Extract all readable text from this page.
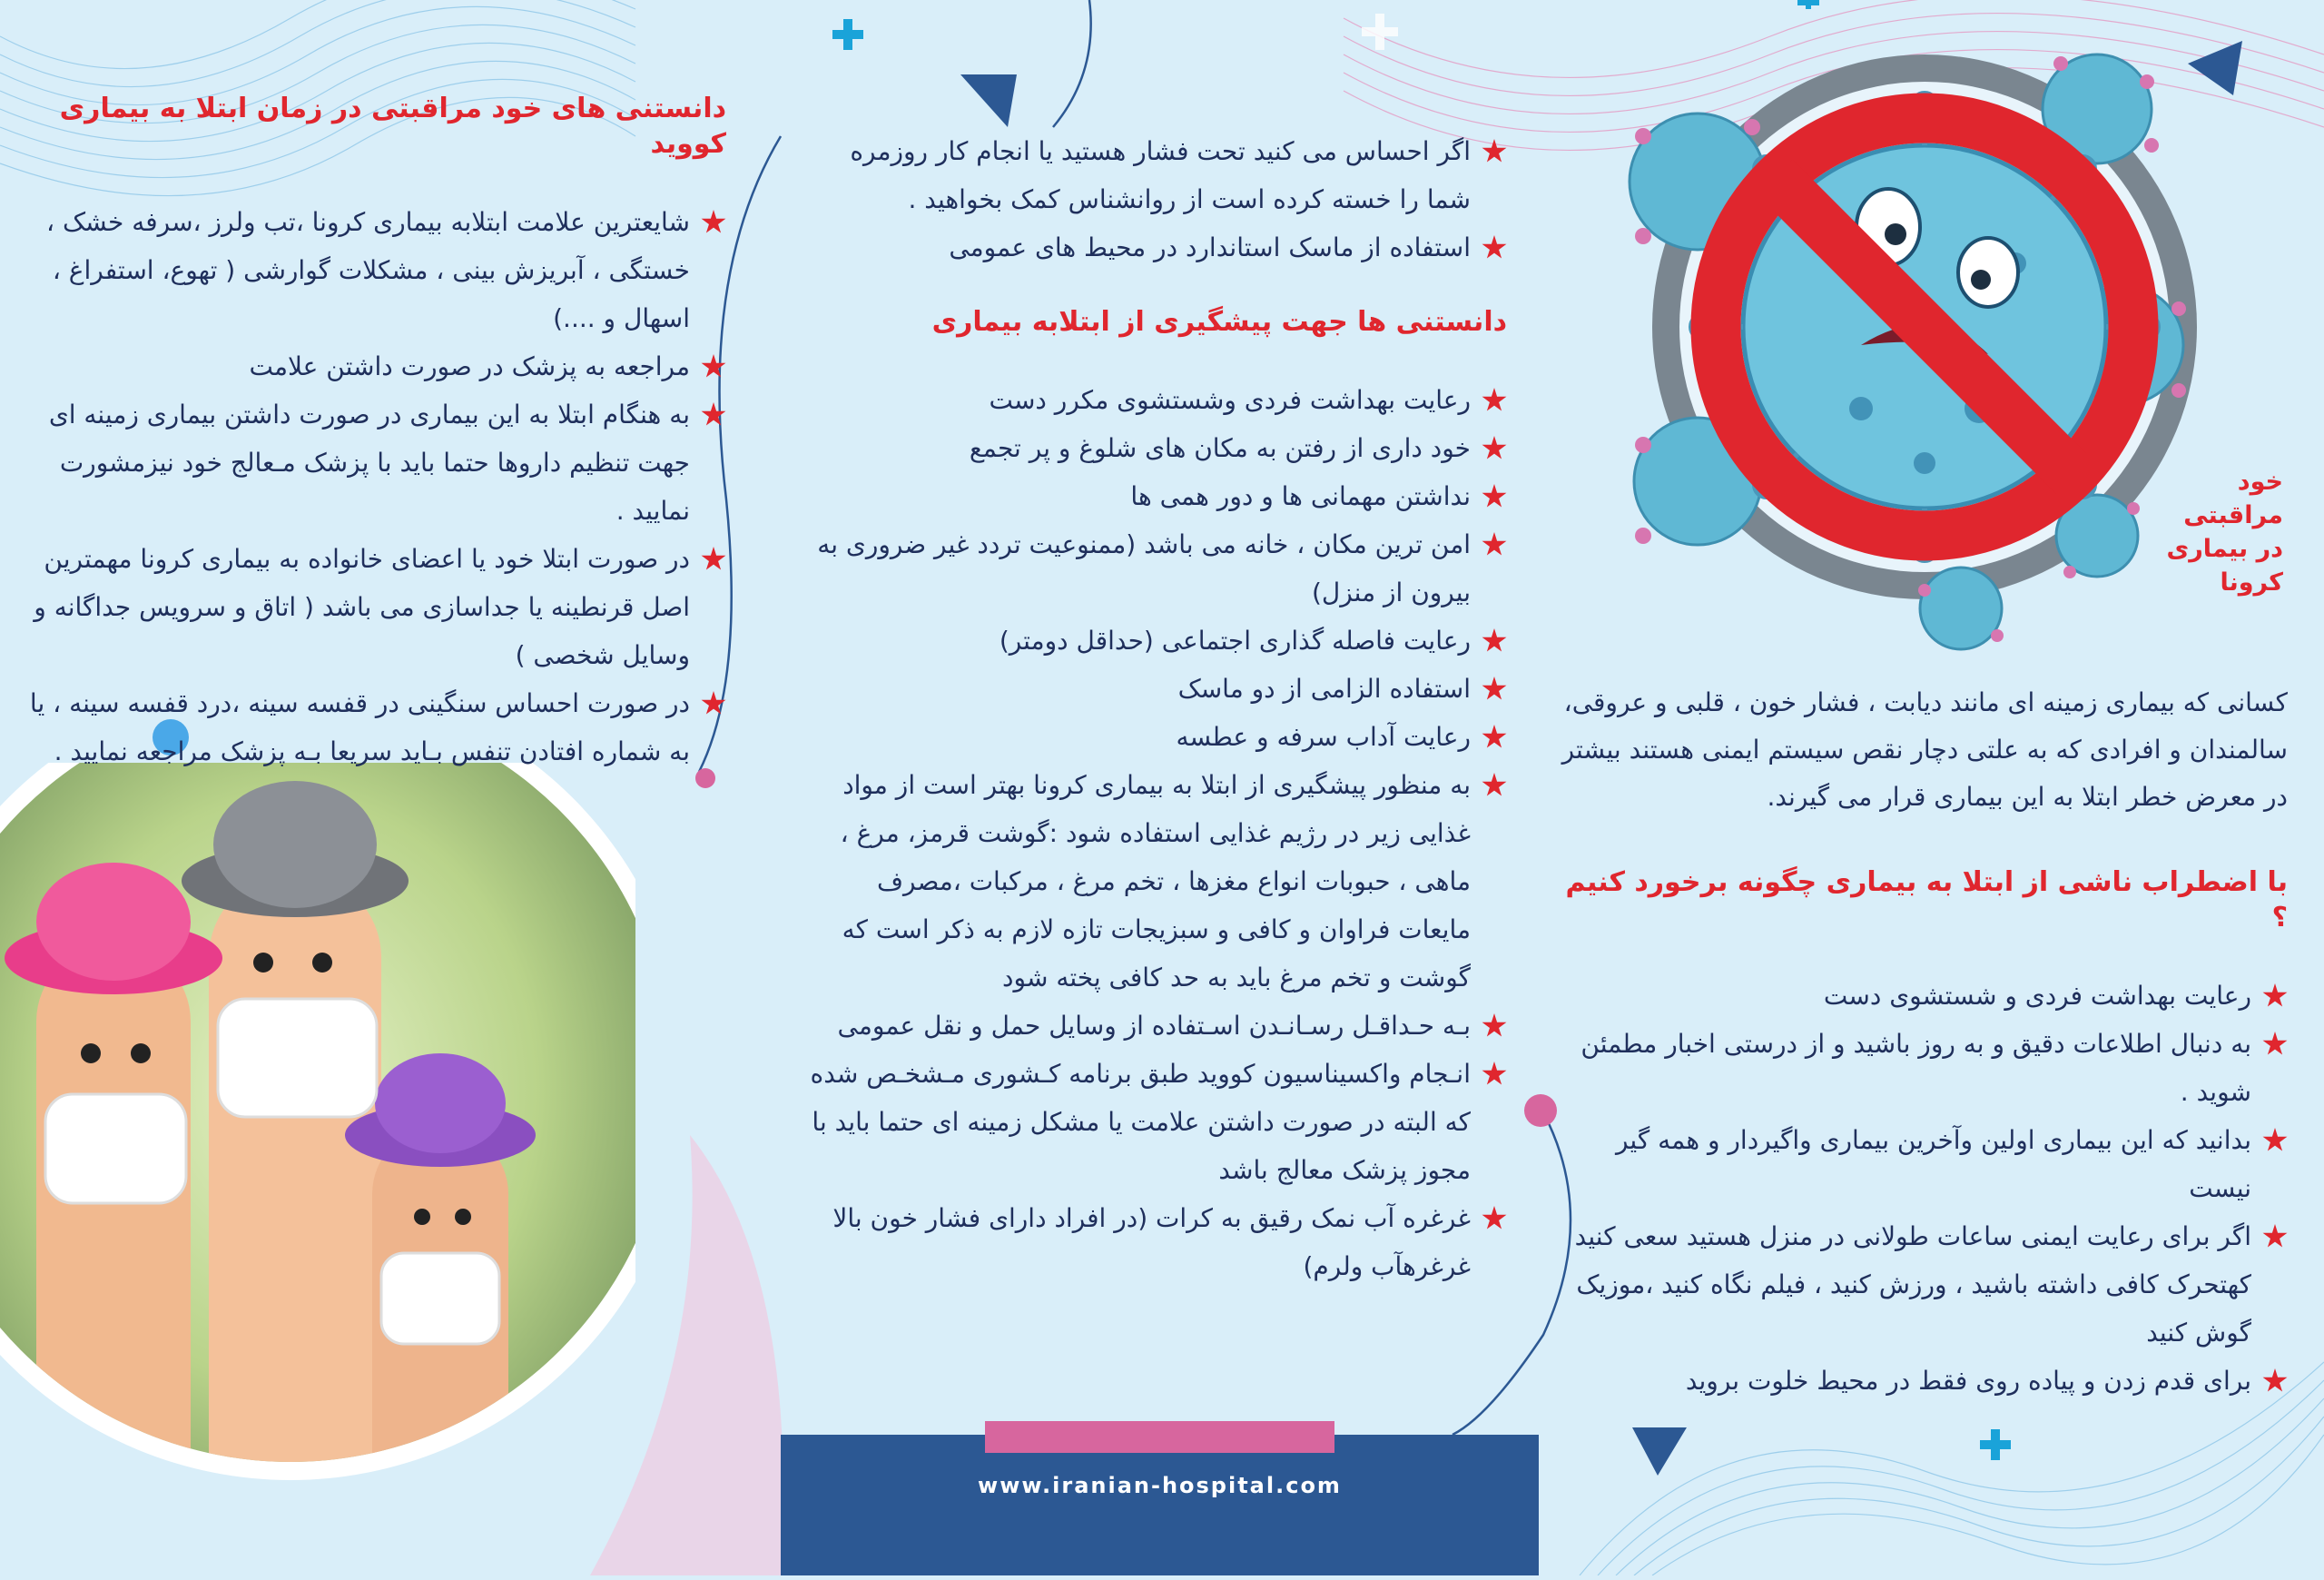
خود
مراقبتی
در بیماری
کرونا

کسانی که بیماری زمینه ای مانند دیابت ، فشار خون ، قلبی و عروقی، سالمندان و افرادی که به علتی دچار نقص سیستم ایمنی هستند بیشتر در معرض خطر ابتلا به این بیماری قرار می گیرند.

با اضطراب ناشی از ابتلا به بیماری چگونه برخورد کنیم ؟
رعایت بهداشت فردی و شستشوی دست
به دنبال اطلاعات دقیق و به روز باشید و از درستی اخبار مطمئن شوید .
بدانید که این بیماری اولین وآخرین بیماری واگیردار و همه گیر نیست
اگر برای رعایت ایمنی ساعات طولانی در منزل هستید سعی کنید کهتحرک کافی داشته باشید ، ورزش کنید ، فیلم نگاه کنید ،موزیک گوش کنید
برای قدم زدن و پیاده روی فقط در محیط خلوت بروید
اگر احساس می کنید تحت فشار هستید یا انجام کار روزمره شما را خسته کرده است از روانشناس کمک بخواهید .
استفاده از ماسک استاندارد در محیط های عمومی
دانستنی ها جهت پیشگیری از ابتلابه بیماری
رعایت بهداشت فردی وشستشوی مکرر دست
خود داری از رفتن به مکان های شلوغ و پر تجمع
نداشتن مهمانی ها و دور همی ها
امن ترین مکان ، خانه می باشد (ممنوعیت تردد غیر ضروری به بیرون از منزل)
رعایت فاصله گذاری اجتماعی (حداقل دومتر)
استفاده الزامی از دو ماسک
رعایت آداب سرفه و عطسه
به منظور پیشگیری از ابتلا به بیماری کرونا بهتر است از مواد غذایی زیر در رژیم غذایی استفاده شود :گوشت قرمز، مرغ ، ماهی ، حبوبات انواع مغزها ، تخم مرغ ، مرکبات ،مصرف مایعات فراوان و کافی و سبزیجات تازه لازم به ذکر است که گوشت و تخم مرغ باید به حد کافی پخته شود
بـه حـداقـل رسـانـدن اسـتفاده از وسایل حمل و نقل عمومی
انـجام واکسیناسیون کووید طبق برنامه کـشوری مـشخـص شده که البته در صورت داشتن علامت یا مشکل زمینه ای حتما باید با مجوز پزشک معالج باشد
غرغره آب نمک رقیق به کرات (در افراد دارای فشار خون بالا غرغرهآب ولرم)
دانستنی های خود مراقبتی در زمان ابتلا به بیماری کووید
شایعترین علامت ابتلابه بیماری کرونا ،تب ولرز ،سرفه خشک ، خستگی ، آبریزش بینی ، مشکلات گوارشی ( تهوع، استفراغ ، اسهال و ....)
مراجعه به پزشک در صورت داشتن علامت
به هنگام ابتلا به این بیماری در صورت داشتن بیماری زمینه ای جهت تنظیم داروها حتما باید با پزشک مـعالج خود نیزمشورت نمایید .
در صورت ابتلا خود یا اعضای خانواده به بیماری کرونا مهمترین اصل قرنطینه یا جداسازی می باشد ( اتاق و سرویس جداگانه و وسایل شخصی )
در صورت احساس سنگینی در قفسه سینه ،درد قفسه سینه ، یا به شماره افتادن تنفس بـاید سریعا بـه پزشک مراجعه نمایید .
www.iranian-hospital.com
